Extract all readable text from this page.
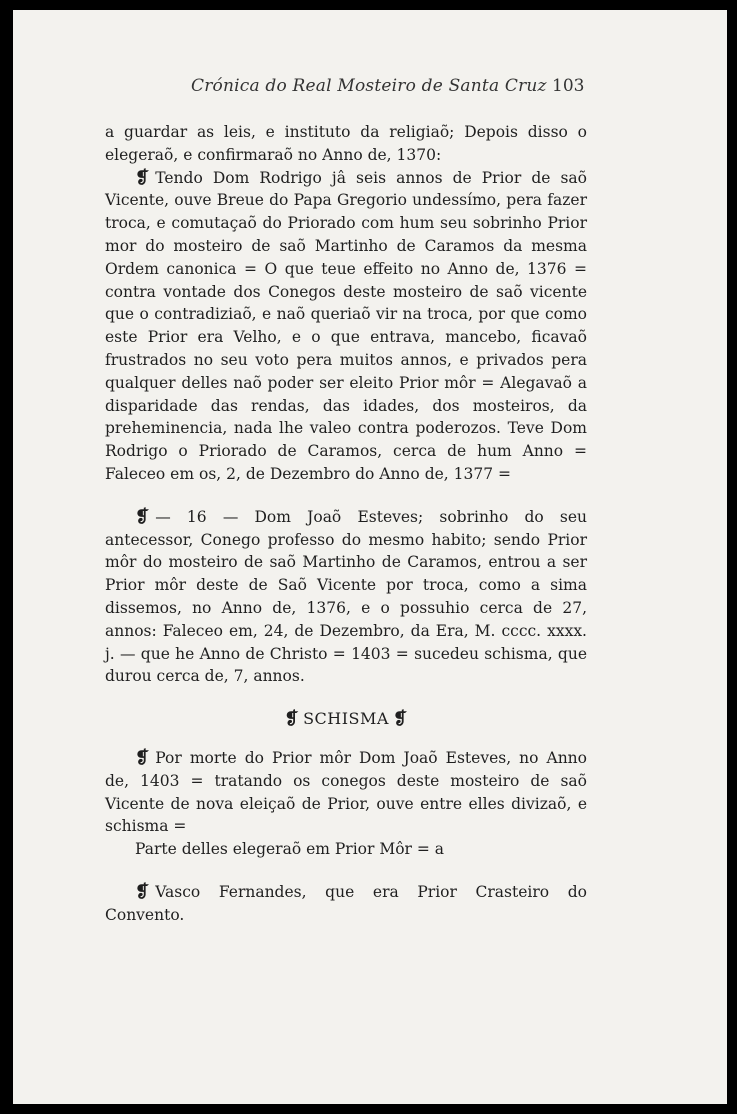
Crónica do Real Mosteiro de Santa Cruz 103

a guardar as leis, e instituto da religiaõ; Depois disso o elegeraõ, e confirmaraõ no Anno de, 1370:

❡ Tendo Dom Rodrigo jâ seis annos de Prior de saõ Vicente, ouve Breue do Papa Gregorio undessímo, pera fazer troca, e comutaçaõ do Priorado com hum seu sobrinho Prior mor do mosteiro de saõ Martinho de Caramos da mesma Ordem canonica = O que teue effeito no Anno de, 1376 = contra vontade dos Conegos deste mosteiro de saõ vicente que o contradiziaõ, e naõ queriaõ vir na troca, por que como este Prior era Velho, e o que entrava, mancebo, ficavaõ frustrados no seu voto pera muitos annos, e privados pera qualquer delles naõ poder ser eleito Prior môr = Alegavaõ a disparidade das rendas, das idades, dos mosteiros, da preheminencia, nada lhe valeo contra poderozos. Teve Dom Rodrigo o Priorado de Caramos, cerca de hum Anno = Faleceo em os, 2, de Dezembro do Anno de, 1377 =

❡ — 16 — Dom Joaõ Esteves; sobrinho do seu antecessor, Conego professo do mesmo habito; sendo Prior môr do mosteiro de saõ Martinho de Caramos, entrou a ser Prior môr deste de Saõ Vicente por troca, como a sima dissemos, no Anno de, 1376, e o possuhio cerca de 27, annos: Faleceo em, 24, de Dezembro, da Era, M. cccc. xxxx. j. — que he Anno de Christo = 1403 = sucedeu schisma, que durou cerca de, 7, annos.

❡ SCHISMA ❡

❡ Por morte do Prior môr Dom Joaõ Esteves, no Anno de, 1403 = tratando os conegos deste mosteiro de saõ Vicente de nova eleiçaõ de Prior, ouve entre elles divizaõ, e schisma =
Parte delles elegeraõ em Prior Môr = a

❡ Vasco Fernandes, que era Prior Crasteiro do Convento.
